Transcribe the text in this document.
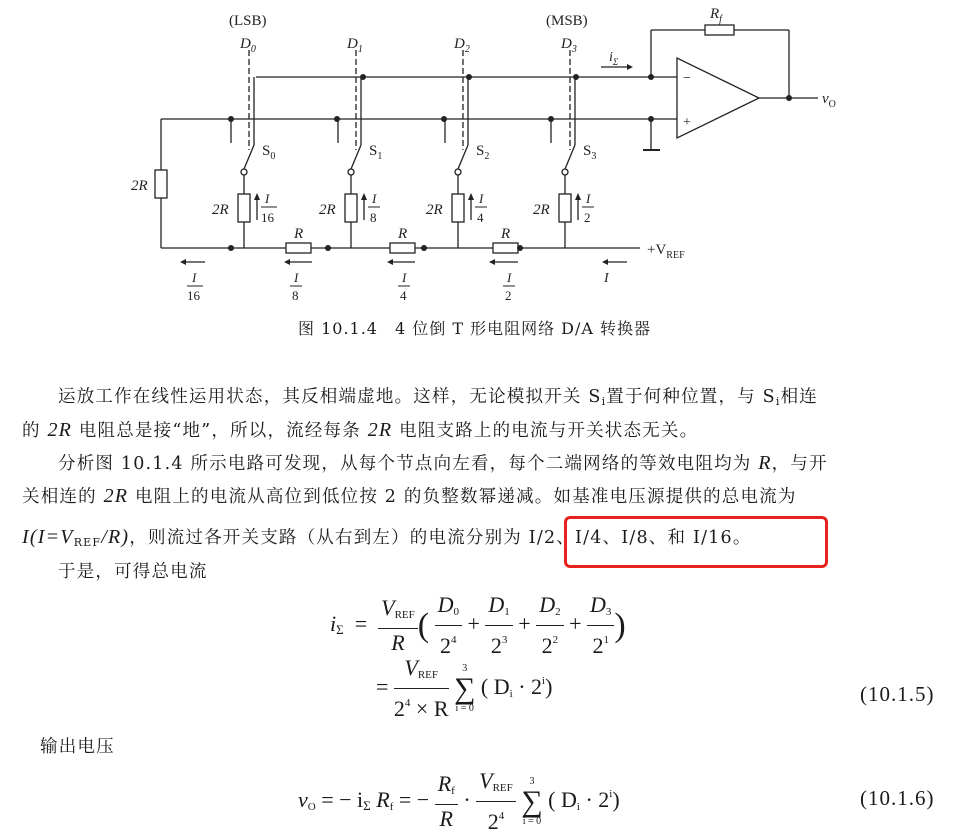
(LSB)	(MSB)
$D_0$	$D_1$	$D_2$	$D_3$
$S_0$	$S_1$	$S_2$	$S_3$
2R
2R	2R	2R	2R
R	R	R
I
16
I
8
I
4
I
2
I
16
I
8
I
4
I
2
I
$+V_{REF}$
$R_f$
$i_\Sigma$
$v_O$
−
+
图 10.1.4　4 位倒 T 形电阻网络 D/A 转换器
运放工作在线性运用状态，其反相端虚地。这样，无论模拟开关 $S_i$置于何种位置，与 $S_i$相连
的 2R 电阻总是接“地”，所以，流经每条 2R 电阻支路上的电流与开关状态无关。
分析图 10.1.4 所示电路可发现，从每个节点向左看，每个二端网络的等效电阻均为 R，与开
关相连的 2R 电阻上的电流从高位到低位按 2 的负整数幂递减。如基准电压源提供的总电流为
$I(I=V_{REF}/R)$，则流过各开关支路（从右到左）的电流分别为 I/2、I/4、I/8、和 I/16。
于是，可得总电流
$i_\Sigma = \frac{V_{REF}}{R}$ ( $\frac{D_0}{2^4} + \frac{D_1}{2^3} + \frac{D_2}{2^2} + \frac{D_3}{2^1}$ )
= $\frac{V_{REF}}{2^4 \times R}$
	3
∑
i = 0
( $D_i \cdot 2^i$)	(10.1.5)
输出电压
$v_O$ = − $i_\Sigma$ $R_f$ = − $\frac{R_f}{R} \cdot \frac{V_{REF}}{2^4}$
	3
∑
i = 0
( $D_i \cdot 2^i$)	(10.1.6)
